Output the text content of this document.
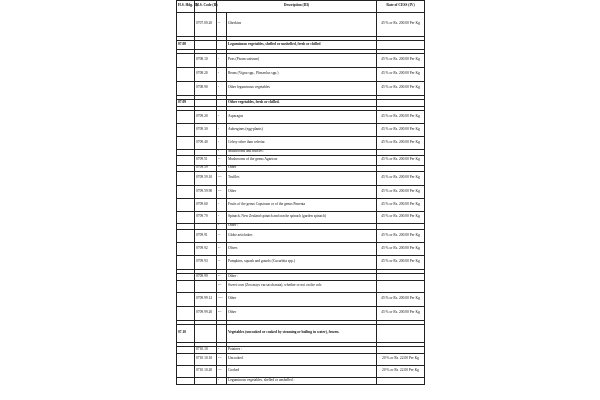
H.S. Hdg. (I)	H.S. Code (II)	Description (III)		Rate of CESS (IV)
	0707.00.20	--	Gherkins	45 % or Rs. 200.00 Per Kg

07.08			Leguminous vegetables, shelled or unshelled, fresh or chilled	

	0708.10	-	Peas (Pisum sativum)	45 % or Rs. 200.00 Per Kg
	0708.20	-	Beans (Vigna spp., Phaseolus spp.)	45 % or Rs. 200.00 Per Kg
	0708.90	-	Other leguminous vegetables	45 % or Rs. 200.00 Per Kg

07.09			Other vegetables, fresh or chilled.	

	0709.20	-	Asparagus	45 % or Rs. 200.00 Per Kg
	0709.30	-	Aubergines (egg-plants)	45 % or Rs. 200.00 Per Kg
	0709.40	-	Celery other than celeriac	45 % or Rs. 200.00 Per Kg
		-	Mushrooms and truffles :	
	0709.51	--	Mushrooms of the genus Agaricus	45 % or Rs. 200.00 Per Kg
	0709.59	--	Other	
	0709.59.10	---	Truffles	45 % or Rs. 200.00 Per Kg
	0709.59.90	---	Other	45 % or Rs. 200.00 Per Kg
	0709.60	-	Fruits of the genus Capsicum or of the genus Pimenta	45 % or Rs. 200.00 Per Kg
	0709.70	-	Spinach, New Zealand spinach and orache spinach (garden spinach)	45 % or Rs. 200.00 Per Kg
		-	Other :	
	0709.91	--	Globe artichokes	45 % or Rs. 200.00 Per Kg
	0709.92	--	Olives	45 % or Rs. 200.00 Per Kg
	0709.93	--	Pumpkins, squash and gourds (Cucurbita spp.)	45 % or Rs. 200.00 Per Kg

	0709.99	--	Other :	
		---	Sweet corn (Zea mays var.saccharata), whether or not on the cob:	
	0709.99.12	----	Other	45 % or Rs. 200.00 Per Kg
	0709.99.20	---	Other	45 % or Rs. 200.00 Per Kg

07.10			Vegetables (uncooked or cooked by steaming or boiling in water), frozen.	

	0710.10	-	Potatoes :	
	0710.10.10	---	Uncooked	20 % or Rs. 22.00 Per Kg
	0710.10.20	---	Cooked	20 % or Rs. 22.00 Per Kg
		-	Leguminous vegetables, shelled or unshelled :	
